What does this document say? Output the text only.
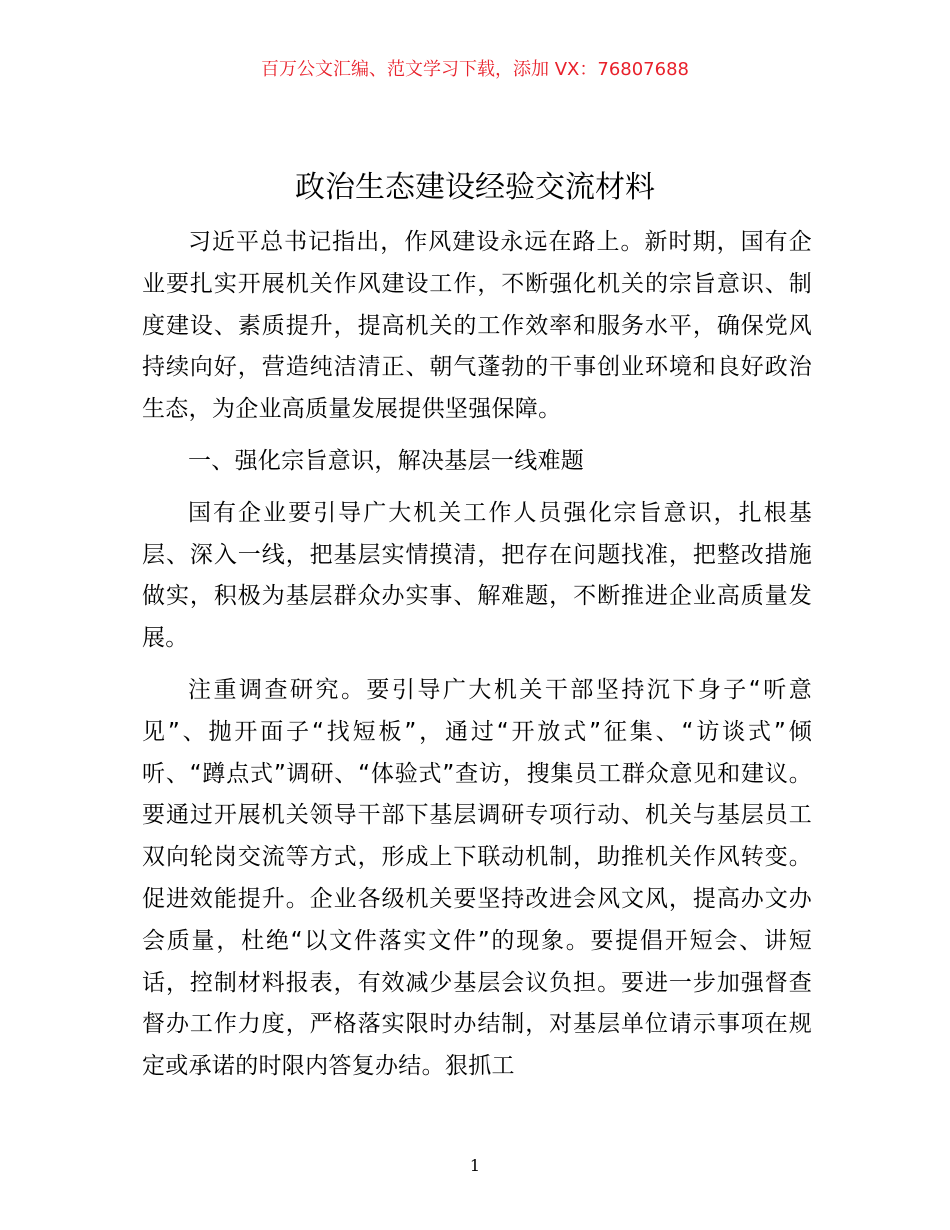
百万公文汇编、范文学习下载，添加 VX：76807688
政治生态建设经验交流材料

习近平总书记指出，作风建设永远在路上。新时期，国有企业要扎实开展机关作风建设工作，不断强化机关的宗旨意识、制度建设、素质提升，提高机关的工作效率和服务水平，确保党风持续向好，营造纯洁清正、朝气蓬勃的干事创业环境和良好政治生态，为企业高质量发展提供坚强保障。

一、强化宗旨意识，解决基层一线难题

国有企业要引导广大机关工作人员强化宗旨意识，扎根基层、深入一线，把基层实情摸清，把存在问题找准，把整改措施做实，积极为基层群众办实事、解难题，不断推进企业高质量发展。

注重调查研究。要引导广大机关干部坚持沉下身子“听意见”、抛开面子“找短板”，通过“开放式”征集、“访谈式”倾听、“蹲点式”调研、“体验式”查访，搜集员工群众意见和建议。要通过开展机关领导干部下基层调研专项行动、机关与基层员工双向轮岗交流等方式，形成上下联动机制，助推机关作风转变。促进效能提升。企业各级机关要坚持改进会风文风，提高办文办会质量，杜绝“以文件落实文件”的现象。要提倡开短会、讲短话，控制材料报表，有效减少基层会议负担。要进一步加强督查督办工作力度，严格落实限时办结制，对基层单位请示事项在规定或承诺的时限内答复办结。狠抓工

1
